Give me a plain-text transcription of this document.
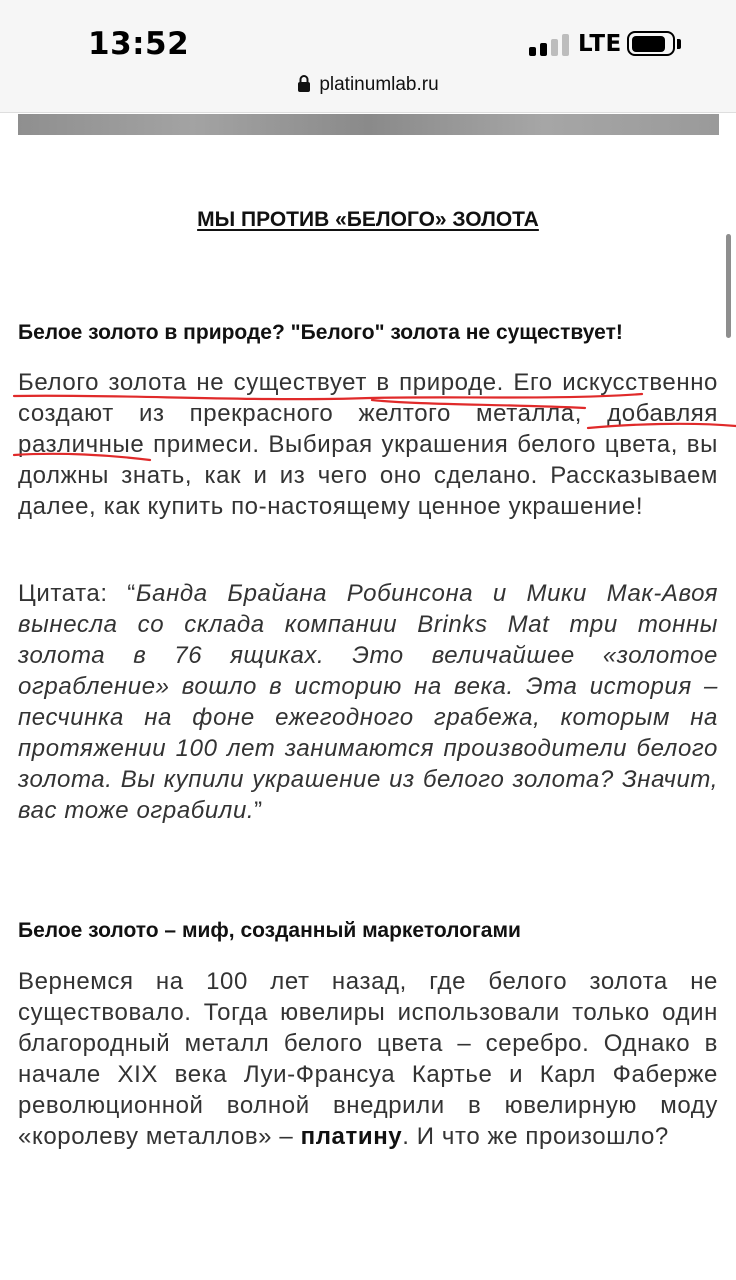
13:52	LTE
platinumlab.ru
МЫ ПРОТИВ «БЕЛОГО» ЗОЛОТА
Белое золото в природе? "Белого" золота не существует!

Белого золота не существует в природе. Его искусственно создают из прекрасного желтого металла, добавляя различные примеси. Выбирая украшения белого цвета, вы должны знать, как и из чего оно сделано. Рассказываем далее, как купить по-настоящему ценное украшение!

Цитата: “Банда Брайана Робинсона и Мики Мак-Авоя вынесла со склада компании Brinks Mat три тонны золота в 76 ящиках. Это величайшее «золотое ограбление» вошло в историю на века. Эта история – песчинка на фоне ежегодного грабежа, которым на протяжении 100 лет занимаются производители белого золота. Вы купили украшение из белого золота? Значит, вас тоже ограбили.”

Белое золото – миф, созданный маркетологами

Вернемся на 100 лет назад, где белого золота не существовало. Тогда ювелиры использовали только один благородный металл белого цвета – серебро. Однако в начале XIX века Луи-Франсуа Картье и Карл Фаберже революционной волной внедрили в ювелирную моду «королеву металлов» – платину. И что же произошло?
